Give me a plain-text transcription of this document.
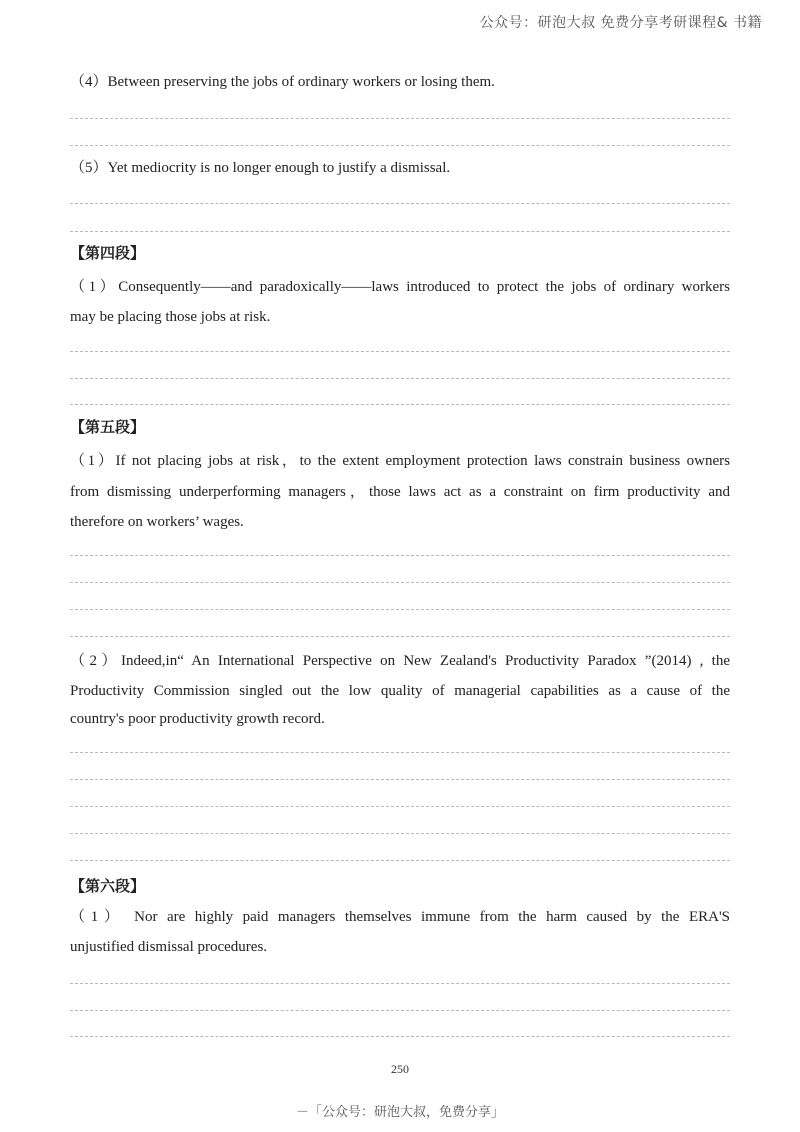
公众号：研泡大叔 免费分享考研课程& 书籍
（4）Between preserving the jobs of ordinary workers or losing them.
（5）Yet mediocrity is no longer enough to justify a dismissal.
【第四段】
（1）Consequently——and paradoxically——laws introduced to protect the jobs of ordinary workers
may be placing those jobs at risk.
【第五段】
（1）If not placing jobs at risk，to the extent employment protection laws constrain business owners
from dismissing underperforming managers，those laws act as a constraint on firm productivity and
therefore on workers’ wages.
（2）Indeed,in“ An International Perspective on New Zealand's Productivity Paradox ”(2014) , the
Productivity Commission singled out the low quality of managerial capabilities as a cause of the
country's poor productivity growth record.
【第六段】
（1） Nor are highly paid managers themselves immune from the harm caused by the ERA'S
unjustified dismissal procedures.
250
－「公众号：研泡大叔，免费分享」
